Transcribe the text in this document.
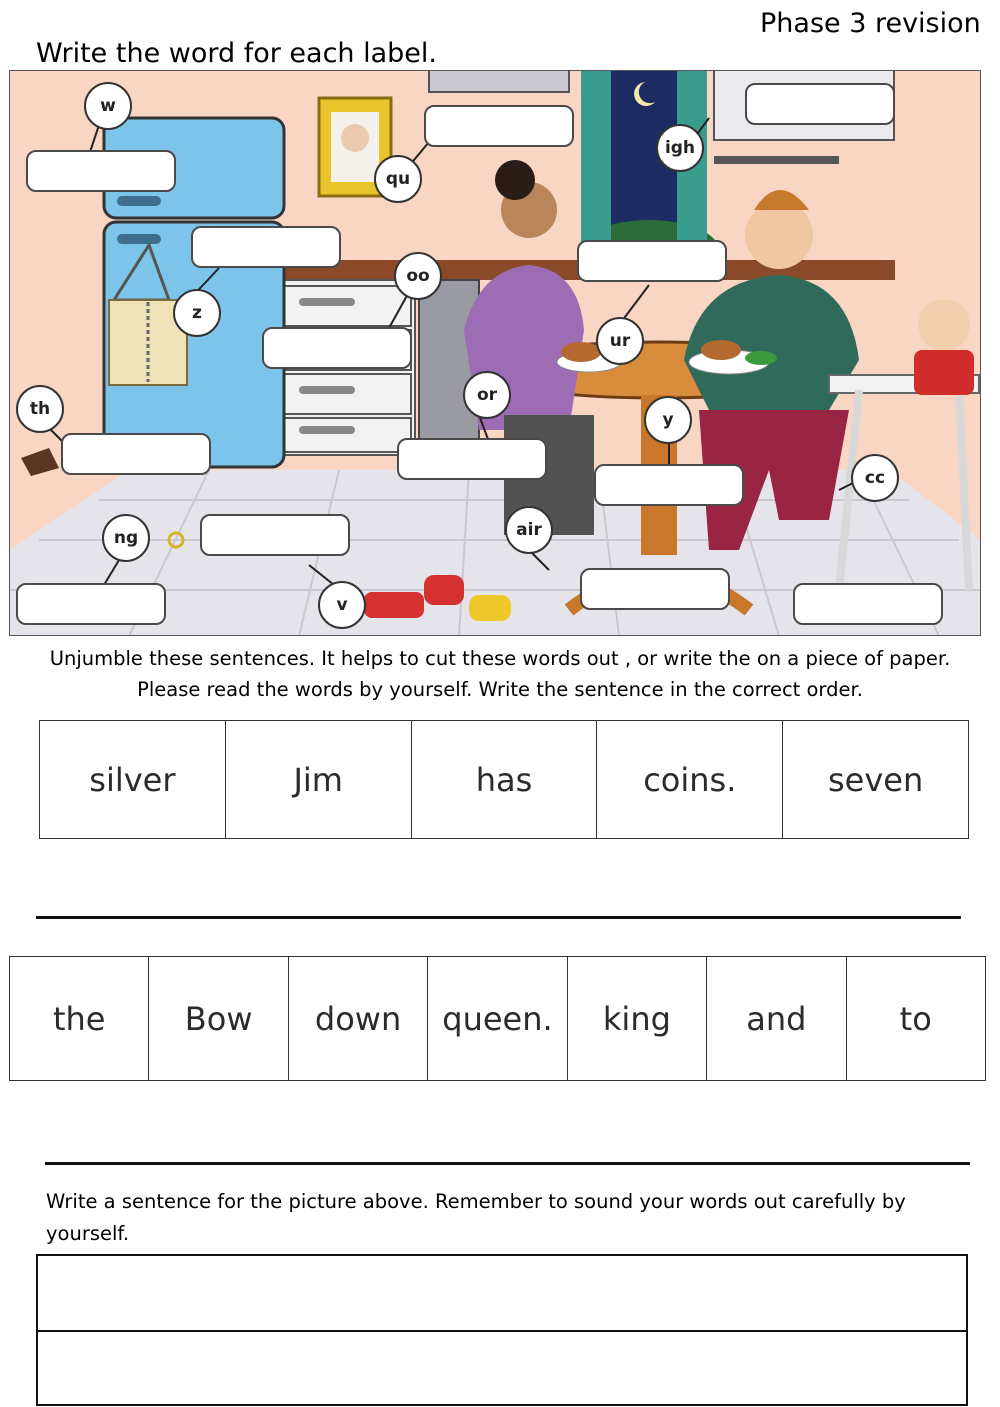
Phase 3 revision
Write the word for each label.
w
qu
igh
z
oo
ur
th
or
y
cc
air
ng
v
Unjumble these sentences. It helps to cut these words out , or write the on a piece of paper.
Please read the words by yourself. Write the sentence in the correct order.
silver	Jim	has	coins.	seven
the	Bow	down	queen.	king	and	to
Write a sentence for the picture above. Remember to sound your words out carefully by
yourself.
